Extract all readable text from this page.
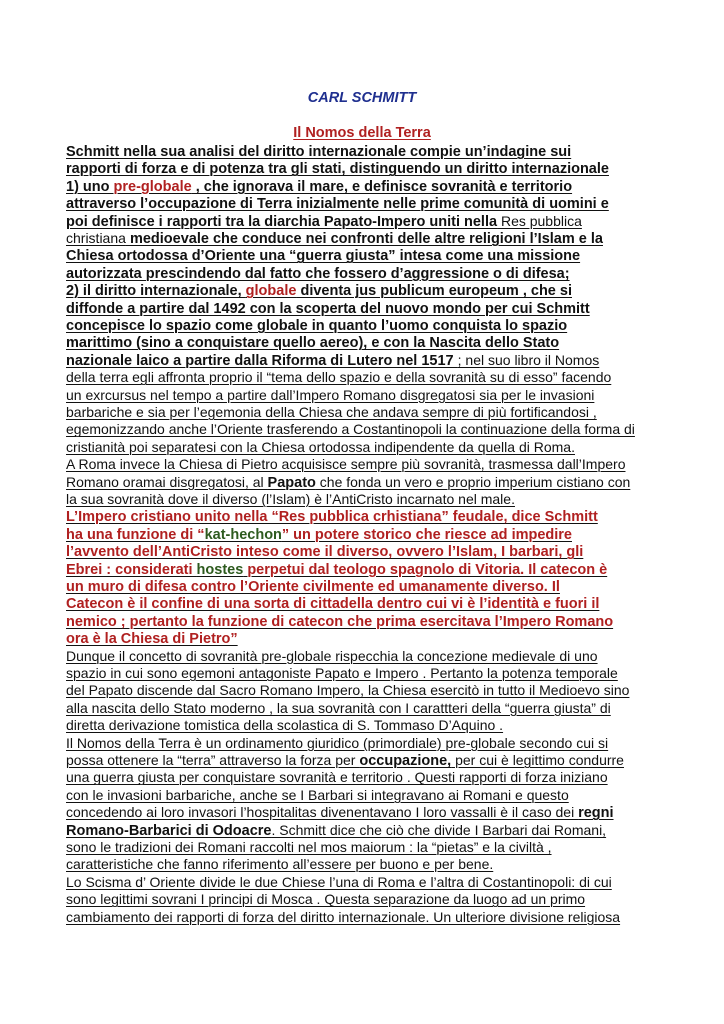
CARL SCHMITT
Il Nomos della Terra
Schmitt nella sua analisi del diritto internazionale compie un’indagine sui
rapporti di forza e di potenza tra gli stati, distinguendo un diritto internazionale
1) uno pre-globale , che ignorava il mare, e definisce sovranità e territorio
attraverso l’occupazione di Terra inizialmente nelle prime comunità di uomini e
poi definisce i rapporti tra la diarchia Papato-Impero uniti nella Res pubblica
christiana medioevale che conduce nei confronti delle altre religioni l’Islam e la
Chiesa ortodossa d’Oriente una “guerra giusta” intesa come una missione
autorizzata prescindendo dal fatto che fossero d’aggressione o di difesa;
2) il diritto internazionale, globale diventa jus publicum europeum , che si
diffonde a partire dal 1492 con la scoperta del nuovo mondo per cui Schmitt
concepisce lo spazio come globale in quanto l’uomo conquista lo spazio
marittimo (sino a conquistare quello aereo), e con la Nascita dello Stato
nazionale laico a partire dalla Riforma di Lutero nel 1517 ; nel suo libro il Nomos
della terra egli affronta proprio il “tema dello spazio e della sovranità su di esso” facendo
un exrcursus nel tempo a partire dall’Impero Romano disgregatosi sia per le invasioni
barbariche e sia per l’egemonia della Chiesa che andava sempre di più fortificandosi ,
egemonizzando anche l’Oriente trasferendo a Costantinopoli la continuazione della forma di
cristianità poi separatesi con la Chiesa ortodossa indipendente da quella di Roma.
A Roma invece la Chiesa di Pietro acquisisce sempre più sovranità, trasmessa dall’Impero
Romano oramai disgregatosi, al Papato che fonda un vero e proprio imperium cistiano con
la sua sovranità dove il diverso (l’Islam) è l’AntiCristo incarnato nel male.
L’Impero cristiano unito nella “Res pubblica crhistiana” feudale, dice Schmitt
ha una funzione di “kat-hechon” un potere storico che riesce ad impedire
l’avvento dell’AntiCristo inteso come il diverso, ovvero l’Islam, I barbari, gli
Ebrei : considerati hostes perpetui dal teologo spagnolo di Vitoria. Il catecon è
un muro di difesa contro l’Oriente civilmente ed umanamente diverso. Il
Catecon è il confine di una sorta di cittadella dentro cui vi è l’identità e fuori il
nemico ; pertanto la funzione di catecon che prima esercitava l’Impero Romano
ora è la Chiesa di Pietro”
Dunque il concetto di sovranità pre-globale rispecchia la concezione medievale di uno
spazio in cui sono egemoni antagoniste Papato e Impero . Pertanto la potenza temporale
del Papato discende dal Sacro Romano Impero, la Chiesa esercitò in tutto il Medioevo sino
alla nascita dello Stato moderno , la sua sovranità con I carattteri della “guerra giusta” di
diretta derivazione tomistica della scolastica di S. Tommaso D’Aquino .
Il Nomos della Terra è un ordinamento giuridico (primordiale) pre-globale secondo cui si
possa ottenere la “terra” attraverso la forza per occupazione, per cui è legittimo condurre
una guerra giusta per conquistare sovranità e territorio . Questi rapporti di forza iniziano
con le invasioni barbariche, anche se I Barbari si integravano ai Romani e questo
concedendo ai loro invasori l’hospitalitas divenentavano I loro vassalli è il caso dei regni
Romano-Barbarici di Odoacre. Schmitt dice che ciò che divide I Barbari dai Romani,
sono le tradizioni dei Romani raccolti nel mos maiorum : la “pietas” e la civiltà ,
caratteristiche che fanno riferimento all’essere per buono e per bene.
Lo Scisma d’ Oriente divide le due Chiese l’una di Roma e l’altra di Costantinopoli: di cui
sono legittimi sovrani I principi di Mosca . Questa separazione da luogo ad un primo
cambiamento dei rapporti di forza del diritto internazionale. Un ulteriore divisione religiosa
